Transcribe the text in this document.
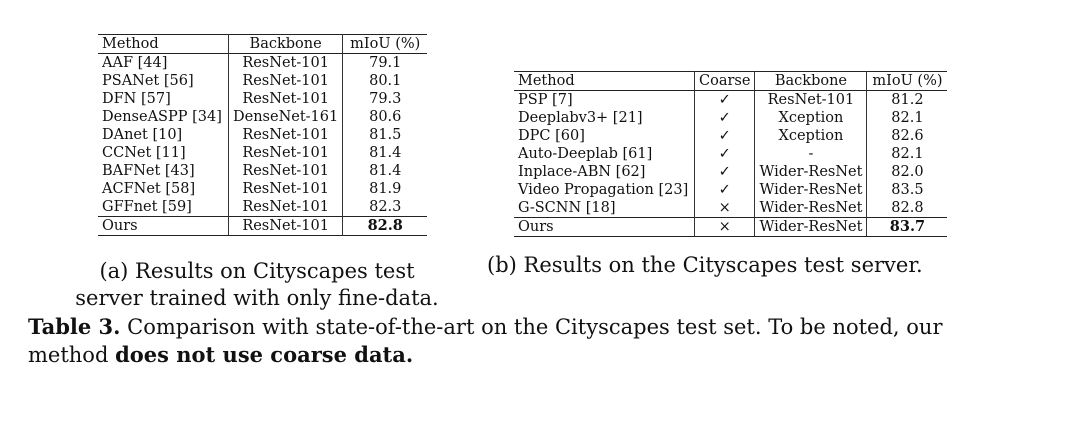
Method	Backbone	mIoU (%)
AAF [44]	ResNet-101	79.1
PSANet [56]	ResNet-101	80.1
DFN [57]	ResNet-101	79.3
DenseASPP [34]	DenseNet-161	80.6
DAnet [10]	ResNet-101	81.5
CCNet [11]	ResNet-101	81.4
BAFNet [43]	ResNet-101	81.4
ACFNet [58]	ResNet-101	81.9
GFFnet [59]	ResNet-101	82.3
Ours	ResNet-101	82.8
(a) Results on Cityscapes test
server trained with only fine-data.
Method	Coarse	Backbone	mIoU (%)
PSP [7]	✓	ResNet-101	81.2
Deeplabv3+ [21]	✓	Xception	82.1
DPC [60]	✓	Xception	82.6
Auto-Deeplab [61]	✓	-	82.1
Inplace-ABN [62]	✓	Wider-ResNet	82.0
Video Propagation [23]	✓	Wider-ResNet	83.5
G-SCNN [18]	×	Wider-ResNet	82.8
Ours	×	Wider-ResNet	83.7
(b) Results on the Cityscapes test server.
Table 3. Comparison with state-of-the-art on the Cityscapes test set. To be noted, our method does not use coarse data.
